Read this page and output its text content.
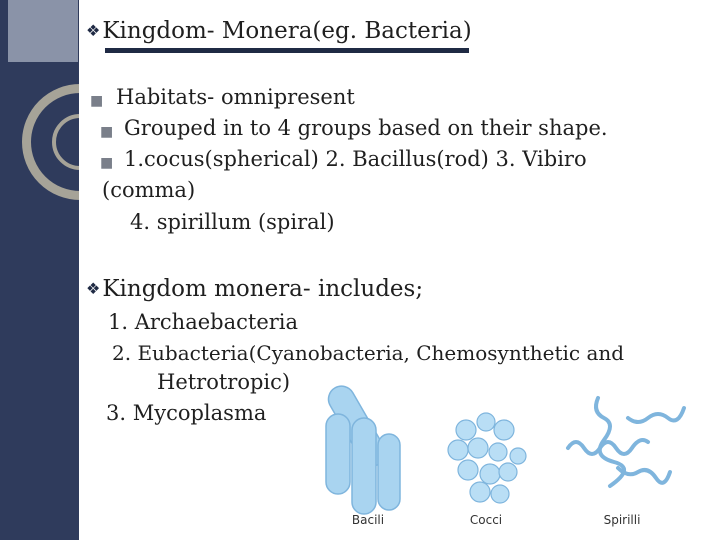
❖Kingdom- Monera(eg. Bacteria)
■ Habitats- omnipresent
■ Grouped in to 4 groups based on their shape.
■ 1.cocus(spherical) 2. Bacillus(rod) 3. Vibiro
(comma)
4. spirillum (spiral)
❖Kingdom monera- includes;
1. Archaebacteria
2. Eubacteria(Cyanobacteria, Chemosynthetic and
Hetrotropic)
3. Mycoplasma
Bacili	Cocci	Spirilli
